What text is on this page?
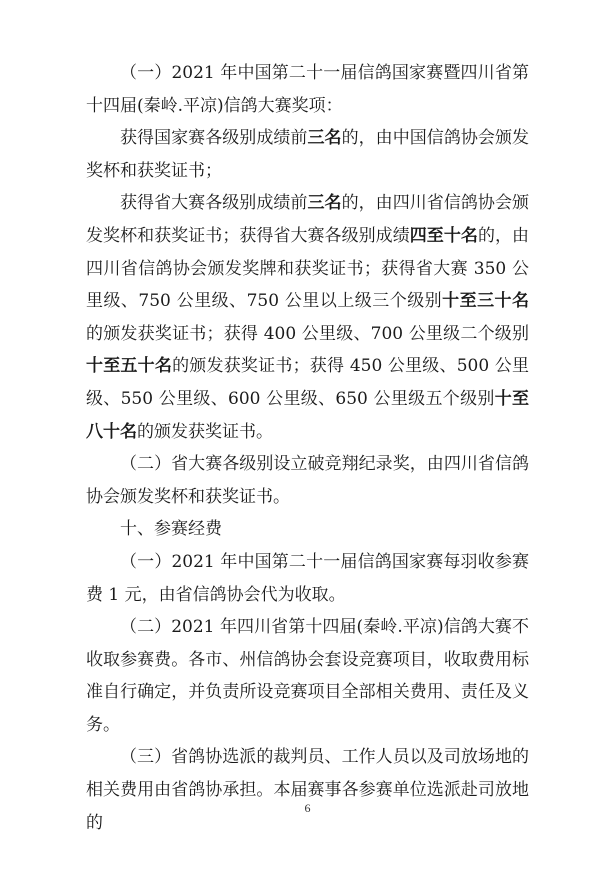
（一）2021 年中国第二十一届信鸽国家赛暨四川省第十四届(秦岭.平凉)信鸽大赛奖项：

获得国家赛各级别成绩前三名的，由中国信鸽协会颁发奖杯和获奖证书；

获得省大赛各级别成绩前三名的，由四川省信鸽协会颁发奖杯和获奖证书；获得省大赛各级别成绩四至十名的，由四川省信鸽协会颁发奖牌和获奖证书；获得省大赛 350 公里级、750 公里级、750 公里以上级三个级别十至三十名的颁发获奖证书；获得 400 公里级、700 公里级二个级别十至五十名的颁发获奖证书；获得 450 公里级、500 公里级、550 公里级、600 公里级、650 公里级五个级别十至八十名的颁发获奖证书。

（二）省大赛各级别设立破竞翔纪录奖，由四川省信鸽协会颁发奖杯和获奖证书。

十、参赛经费

（一）2021 年中国第二十一届信鸽国家赛每羽收参赛费 1 元，由省信鸽协会代为收取。

（二）2021 年四川省第十四届(秦岭.平凉)信鸽大赛不收取参赛费。各市、州信鸽协会套设竞赛项目，收取费用标准自行确定，并负责所设竞赛项目全部相关费用、责任及义务。

（三）省鸽协选派的裁判员、工作人员以及司放场地的相关费用由省鸽协承担。本届赛事各参赛单位选派赴司放地的

6
